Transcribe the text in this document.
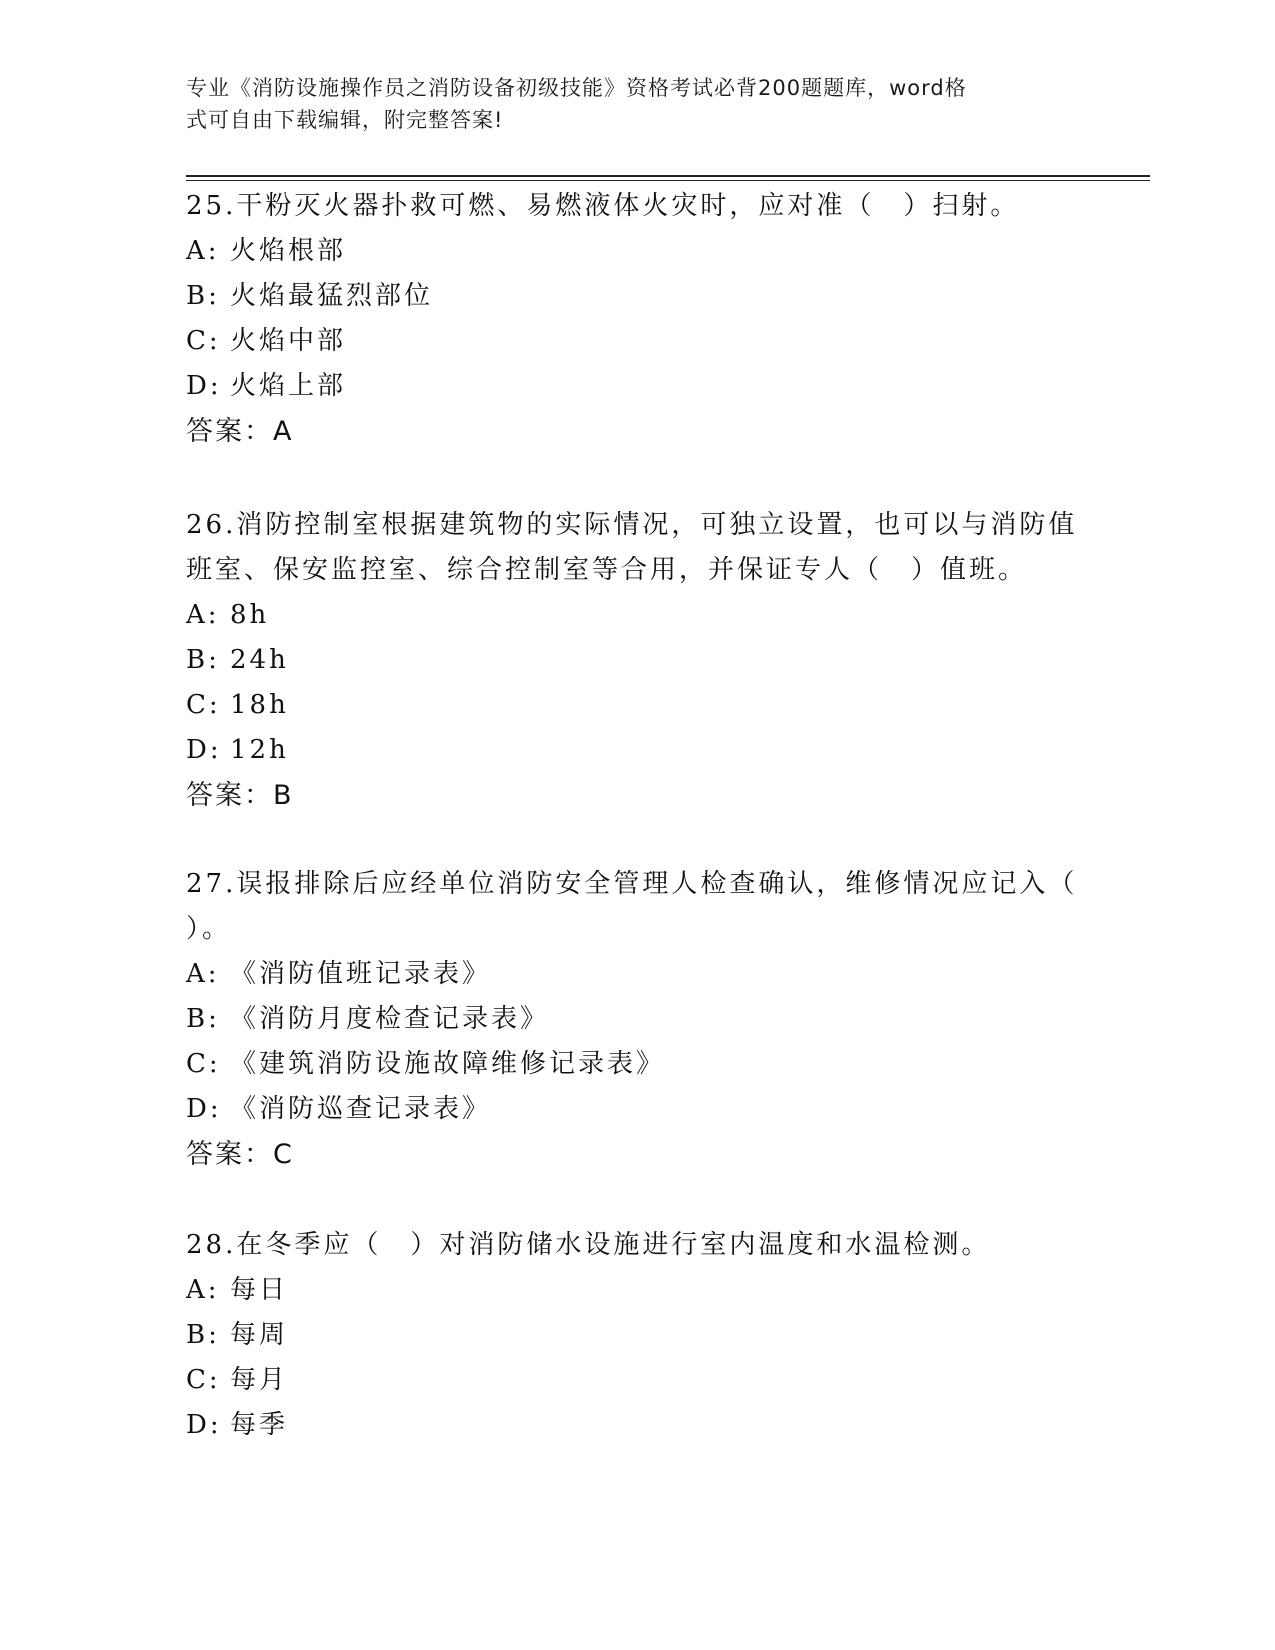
专业《消防设施操作员之消防设备初级技能》资格考试必背200题题库，word格
式可自由下载编辑，附完整答案!
25.干粉灭火器扑救可燃、易燃液体火灾时，应对准（　）扫射。
A: 火焰根部
B: 火焰最猛烈部位
C: 火焰中部
D: 火焰上部
答案：A
26.消防控制室根据建筑物的实际情况，可独立设置，也可以与消防值
班室、保安监控室、综合控制室等合用，并保证专人（　）值班。
A: 8h
B: 24h
C: 18h
D: 12h
答案：B
27.误报排除后应经单位消防安全管理人检查确认，维修情况应记入（
）。
A: 《消防值班记录表》
B: 《消防月度检查记录表》
C: 《建筑消防设施故障维修记录表》
D: 《消防巡查记录表》
答案：C
28.在冬季应（　）对消防储水设施进行室内温度和水温检测。
A: 每日
B: 每周
C: 每月
D: 每季
